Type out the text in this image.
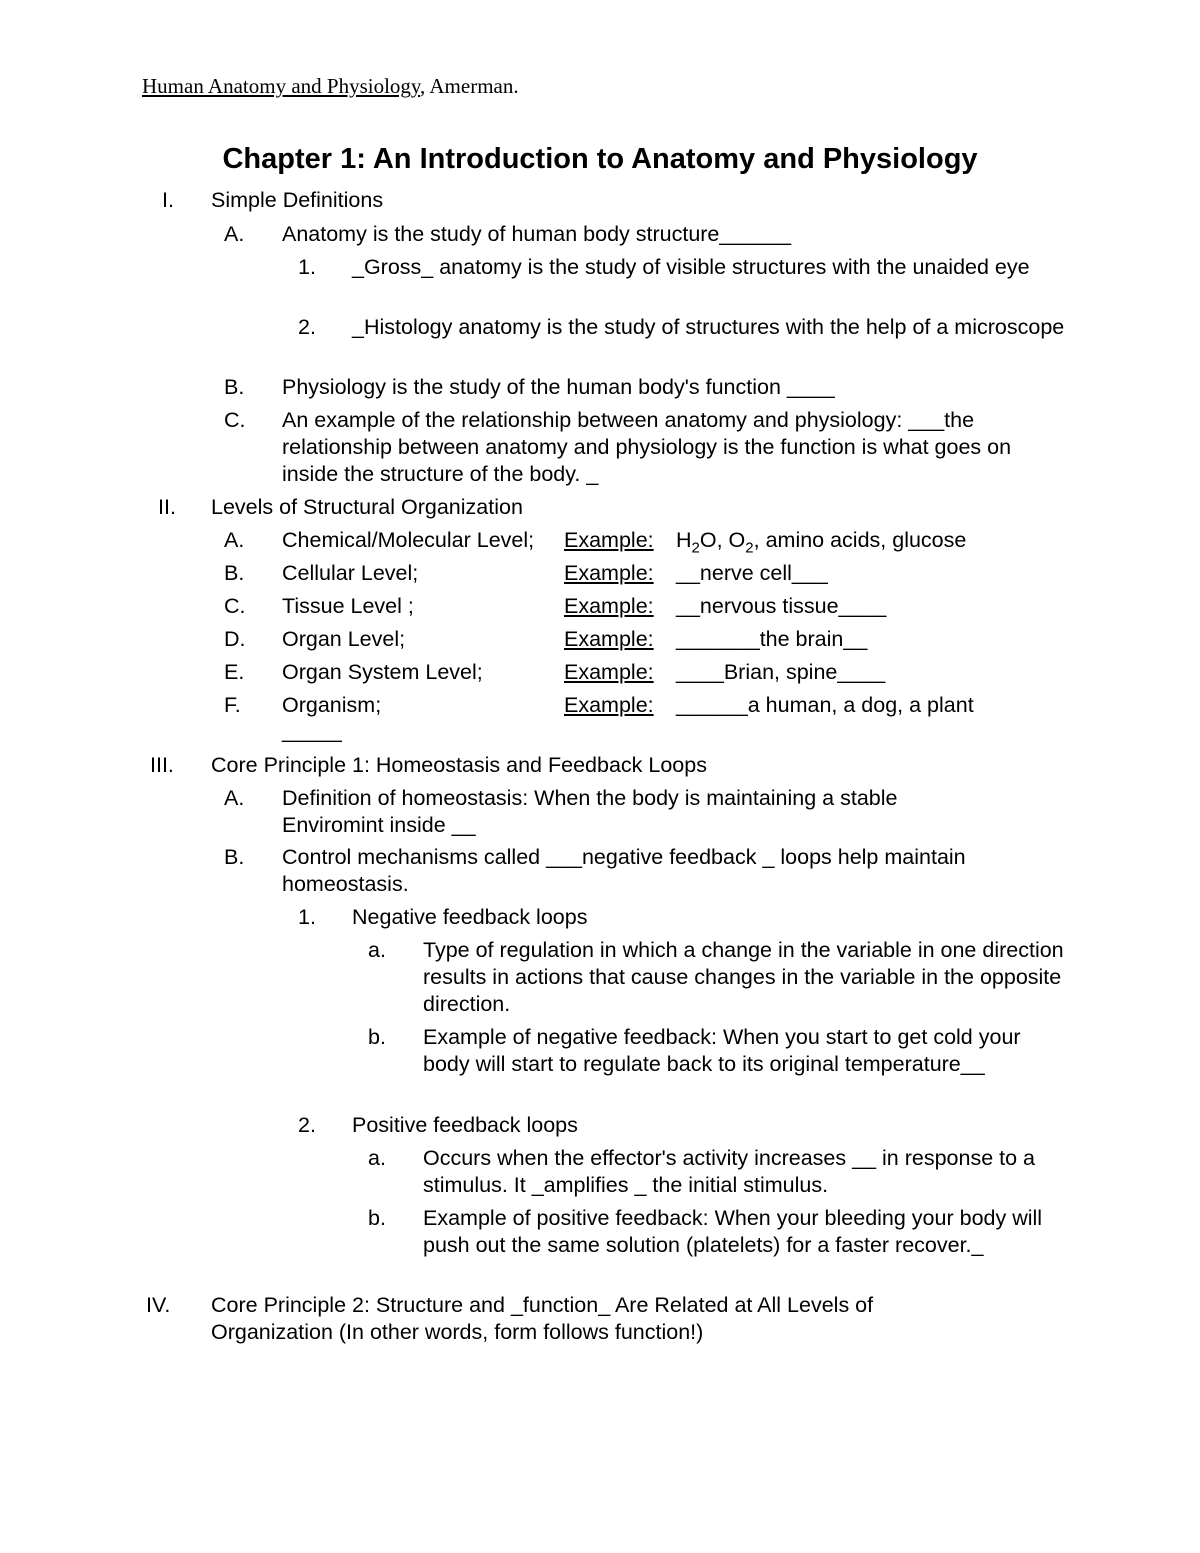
Human Anatomy and Physiology, Amerman.
Chapter 1: An Introduction to Anatomy and Physiology
I. Simple Definitions
A. Anatomy is the study of human body structure______
1. _Gross_ anatomy is the study of visible structures with the unaided eye
2. _Histology anatomy is the study of structures with the help of a microscope
B. Physiology is the study of the human body's function ____
C. An example of the relationship between anatomy and physiology: ___the relationship between anatomy and physiology is the function is what goes on inside the structure of the body. _
II. Levels of Structural Organization
A. Chemical/Molecular Level; Example: $H_2O$, $O_2$, amino acids, glucose
B. Cellular Level;	Example: __nerve cell___
C. Tissue Level ;	Example: __nervous tissue____
D. Organ Level;	Example: _______the brain__
E. Organ System Level;	Example: ____Brian, spine____
F. Organism;	Example: ______a human, a dog, a plant
_____
III. Core Principle 1: Homeostasis and Feedback Loops
A. Definition of homeostasis: When the body is maintaining a stable Enviromint inside __
B. Control mechanisms called ___negative feedback _ loops help maintain homeostasis.
1. Negative feedback loops
a. Type of regulation in which a change in the variable in one direction results in actions that cause changes in the variable in the opposite direction.
b. Example of negative feedback: When you start to get cold your body will start to regulate back to its original temperature__
2. Positive feedback loops
a. Occurs when the effector's activity increases __ in response to a stimulus. It _amplifies _ the initial stimulus.
b. Example of positive feedback: When your bleeding your body will push out the same solution (platelets) for a faster recover._
IV. Core Principle 2: Structure and _function_ Are Related at All Levels of Organization (In other words, form follows function!)
